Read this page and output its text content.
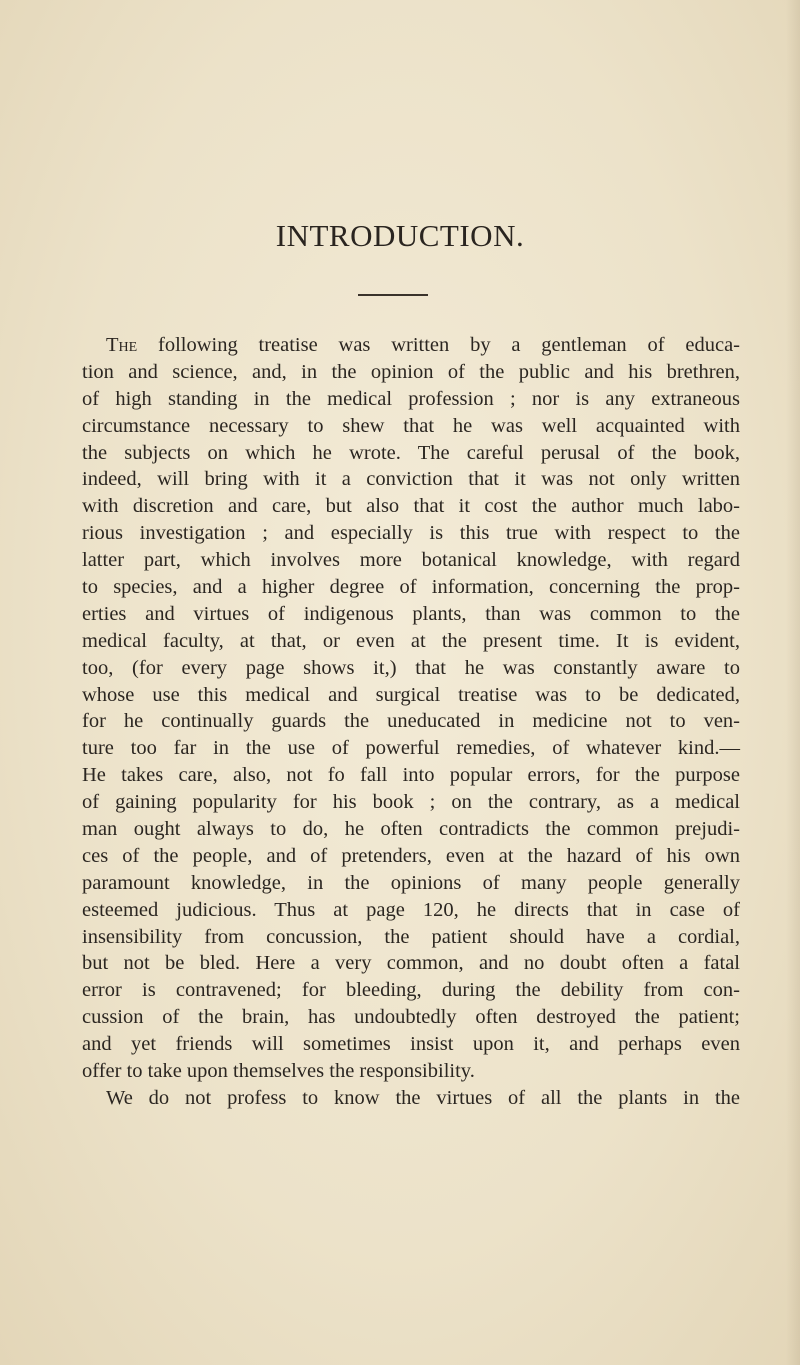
INTRODUCTION.
The following treatise was written by a gentleman of educa-
tion and science, and, in the opinion of the public and his brethren,
of high standing in the medical profession ; nor is any extraneous
circumstance necessary to shew that he was well acquainted with
the subjects on which he wrote. The careful perusal of the book,
indeed, will bring with it a conviction that it was not only written
with discretion and care, but also that it cost the author much labo-
rious investigation ; and especially is this true with respect to the
latter part, which involves more botanical knowledge, with regard
to species, and a higher degree of information, concerning the prop-
erties and virtues of indigenous plants, than was common to the
medical faculty, at that, or even at the present time. It is evident,
too, (for every page shows it,) that he was constantly aware to
whose use this medical and surgical treatise was to be dedicated,
for he continually guards the uneducated in medicine not to ven-
ture too far in the use of powerful remedies, of whatever kind.—
He takes care, also, not fo fall into popular errors, for the purpose
of gaining popularity for his book ; on the contrary, as a medical
man ought always to do, he often contradicts the common prejudi-
ces of the people, and of pretenders, even at the hazard of his own
paramount knowledge, in the opinions of many people generally
esteemed judicious. Thus at page 120, he directs that in case of
insensibility from concussion, the patient should have a cordial,
but not be bled. Here a very common, and no doubt often a fatal
error is contravened; for bleeding, during the debility from con-
cussion of the brain, has undoubtedly often destroyed the patient;
and yet friends will sometimes insist upon it, and perhaps even
offer to take upon themselves the responsibility.
We do not profess to know the virtues of all the plants in the
